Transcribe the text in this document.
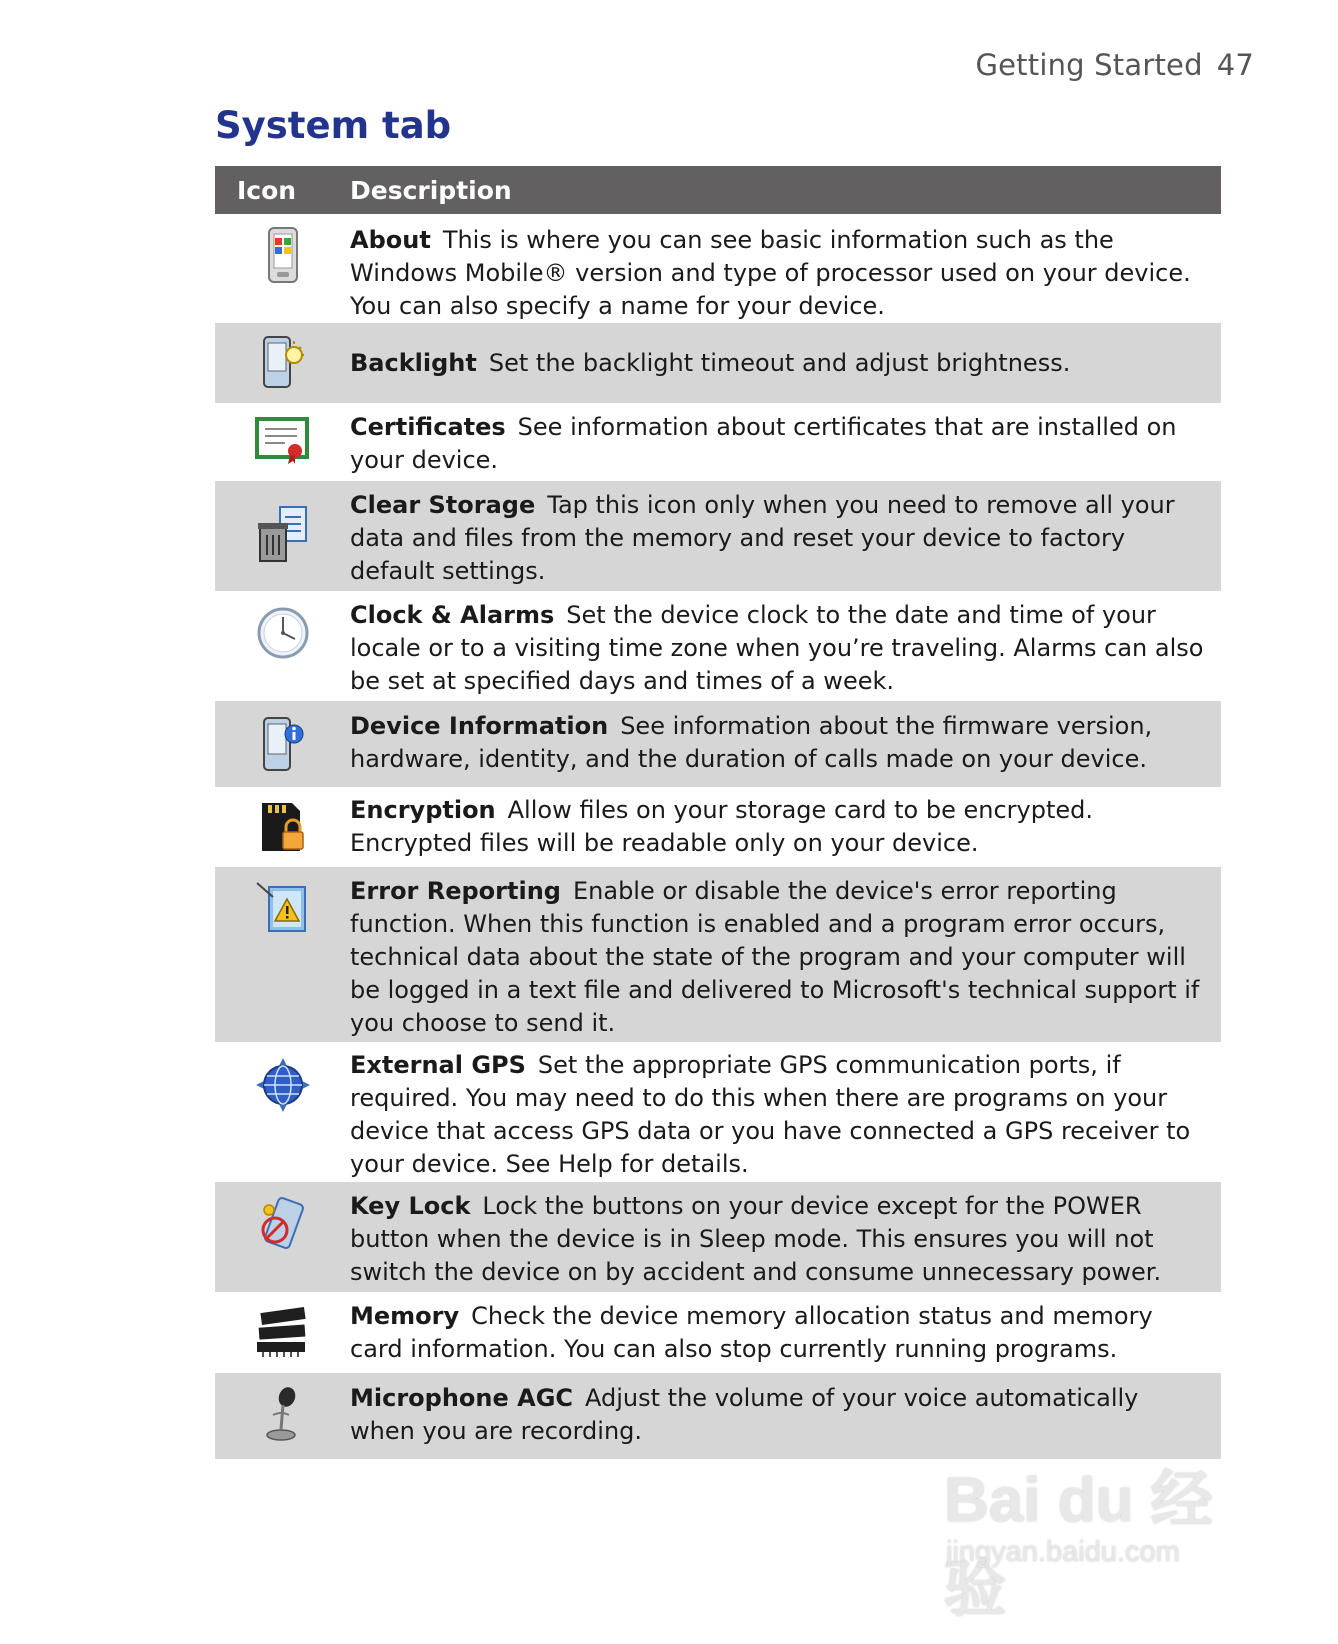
Getting Started 47
System tab
Icon	Description
	About This is where you can see basic information such as the Windows Mobile® version and type of processor used on your device. You can also specify a name for your device.
	Backlight Set the backlight timeout and adjust brightness.
	Certificates See information about certificates that are installed on your device.
	Clear Storage Tap this icon only when you need to remove all your data and files from the memory and reset your device to factory default settings.
	Clock & Alarms Set the device clock to the date and time of your locale or to a visiting time zone when you’re traveling. Alarms can also be set at specified days and times of a week.
	Device Information See information about the firmware version, hardware, identity, and the duration of calls made on your device.
	Encryption Allow files on your storage card to be encrypted. Encrypted files will be readable only on your device.
	Error Reporting Enable or disable the device's error reporting function. When this function is enabled and a program error occurs, technical data about the state of the program and your computer will be logged in a text file and delivered to Microsoft's technical support if you choose to send it.
	External GPS Set the appropriate GPS communication ports, if required. You may need to do this when there are programs on your device that access GPS data or you have connected a GPS receiver to your device. See Help for details.
	Key Lock Lock the buttons on your device except for the POWER button when the device is in Sleep mode. This ensures you will not switch the device on by accident and consume unnecessary power.
	Memory Check the device memory allocation status and memory card information. You can also stop currently running programs.
	Microphone AGC Adjust the volume of your voice automatically when you are recording.
Bai du 经验
jingyan.baidu.com
